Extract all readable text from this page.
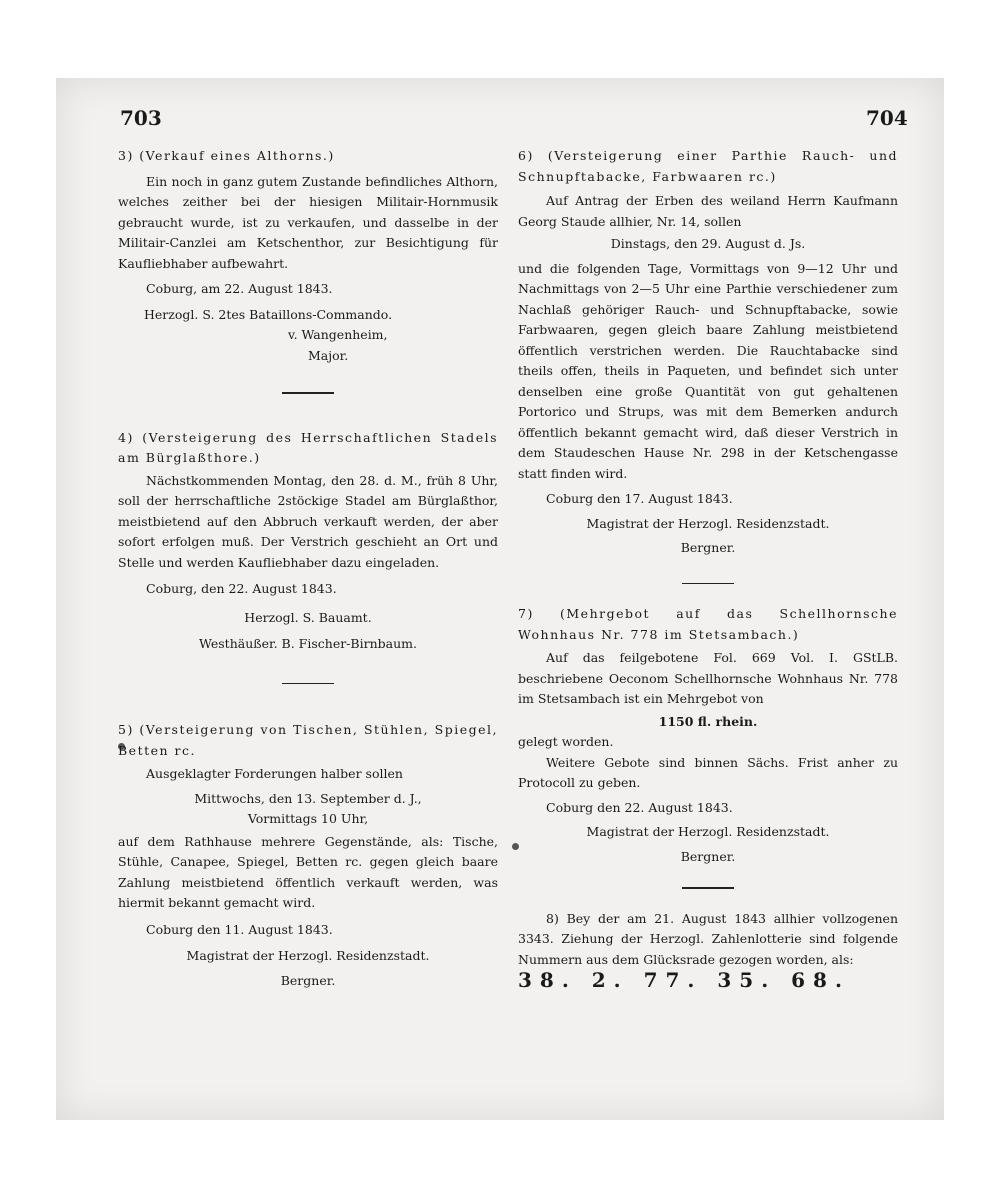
703	704

3) (Verkauf eines Althorns.)

Ein noch in ganz gutem Zustande befindliches Althorn, welches zeither bei der hiesigen Militair-Hornmusik gebraucht wurde, ist zu verkaufen, und dasselbe in der Militair-Canzlei am Ketschenthor, zur Besichtigung für Kaufliebhaber aufbewahrt.

Coburg, am 22. August 1843.

Herzogl. S. 2tes Bataillons-Commando.

v. Wangenheim,

Major.

4) (Versteigerung des Herrschaftlichen Stadels am Bürglaßthore.)

Nächstkommenden Montag, den 28. d. M., früh 8 Uhr, soll der herrschaftliche 2stöckige Stadel am Bürglaßthor, meistbietend auf den Abbruch verkauft werden, der aber sofort erfolgen muß. Der Verstrich geschieht an Ort und Stelle und werden Kaufliebhaber dazu eingeladen.

Coburg, den 22. August 1843.

Herzogl. S. Bauamt.

Westhäußer. B. Fischer-Birnbaum.

5) (Versteigerung von Tischen, Stühlen, Spiegel, Betten rc.

Ausgeklagter Forderungen halber sollen

Mittwochs, den 13. September d. J.,

Vormittags 10 Uhr,

auf dem Rathhause mehrere Gegenstände, als: Tische, Stühle, Canapee, Spiegel, Betten rc. gegen gleich baare Zahlung meistbietend öffentlich verkauft werden, was hiermit bekannt gemacht wird.

Coburg den 11. August 1843.

Magistrat der Herzogl. Residenzstadt.

Bergner.

6) (Versteigerung einer Parthie Rauch- und Schnupftabacke, Farbwaaren rc.)

Auf Antrag der Erben des weiland Herrn Kaufmann Georg Staude allhier, Nr. 14, sollen

Dinstags, den 29. August d. Js.

und die folgenden Tage, Vormittags von 9—12 Uhr und Nachmittags von 2—5 Uhr eine Parthie verschiedener zum Nachlaß gehöriger Rauch- und Schnupftabacke, sowie Farbwaaren, gegen gleich baare Zahlung meistbietend öffentlich verstrichen werden. Die Rauchtabacke sind theils offen, theils in Paqueten, und befindet sich unter denselben eine große Quantität von gut gehaltenen Portorico und Strups, was mit dem Bemerken andurch öffentlich bekannt gemacht wird, daß dieser Verstrich in dem Staudeschen Hause Nr. 298 in der Ketschengasse statt finden wird.

Coburg den 17. August 1843.

Magistrat der Herzogl. Residenzstadt.

Bergner.

7) (Mehrgebot auf das Schellhornsche Wohnhaus Nr. 778 im Stetsambach.)

Auf das feilgebotene Fol. 669 Vol. I. GStLB. beschriebene Oeconom Schellhornsche Wohnhaus Nr. 778 im Stetsambach ist ein Mehrgebot von

1150 fl. rhein.

gelegt worden.

Weitere Gebote sind binnen Sächs. Frist anher zu Protocoll zu geben.

Coburg den 22. August 1843.

Magistrat der Herzogl. Residenzstadt.

Bergner.

8) Bey der am 21. August 1843 allhier vollzogenen 3343. Ziehung der Herzogl. Zahlenlotterie sind folgende Nummern aus dem Glücksrade gezogen worden, als:

38. 2. 77. 35. 68.
